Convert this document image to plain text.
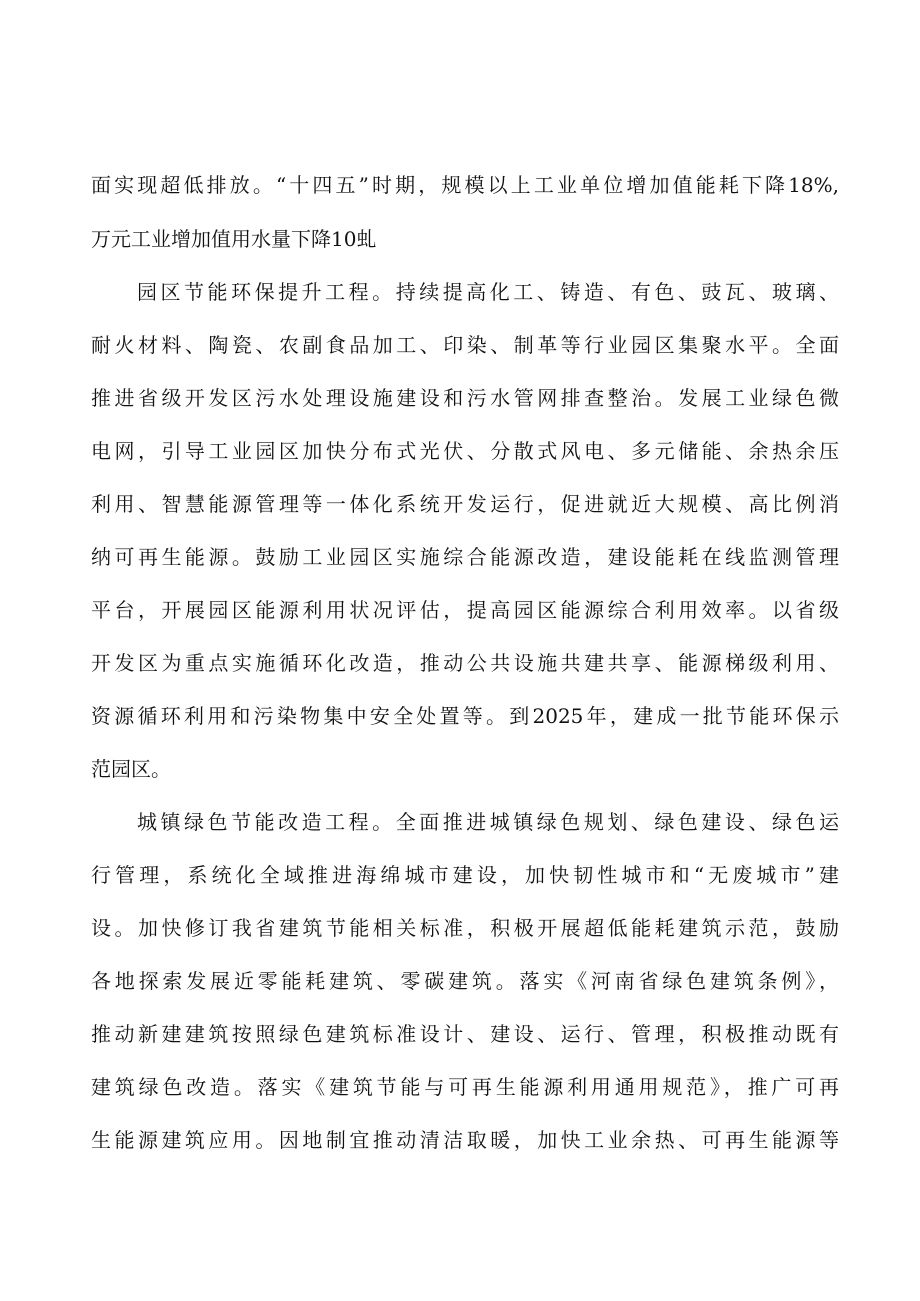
面实现超低排放。“十四五”时期，规模以上工业单位增加值能耗下降18%,
万元工业增加值用水量下降10虬
园区节能环保提升工程。持续提高化工、铸造、有色、豉瓦、玻璃、
耐火材料、陶瓷、农副食品加工、印染、制革等行业园区集聚水平。全面
推进省级开发区污水处理设施建设和污水管网排查整治。发展工业绿色微
电网，引导工业园区加快分布式光伏、分散式风电、多元储能、余热余压
利用、智慧能源管理等一体化系统开发运行，促进就近大规模、高比例消
纳可再生能源。鼓励工业园区实施综合能源改造，建设能耗在线监测管理
平台，开展园区能源利用状况评估，提高园区能源综合利用效率。以省级
开发区为重点实施循环化改造，推动公共设施共建共享、能源梯级利用、
资源循环利用和污染物集中安全处置等。到2025年，建成一批节能环保示
范园区。
城镇绿色节能改造工程。全面推进城镇绿色规划、绿色建设、绿色运
行管理，系统化全域推进海绵城市建设，加快韧性城市和“无废城市”建
设。加快修订我省建筑节能相关标准，积极开展超低能耗建筑示范，鼓励
各地探索发展近零能耗建筑、零碳建筑。落实《河南省绿色建筑条例》，
推动新建建筑按照绿色建筑标准设计、建设、运行、管理，积极推动既有
建筑绿色改造。落实《建筑节能与可再生能源利用通用规范》，推广可再
生能源建筑应用。因地制宜推动清洁取暖，加快工业余热、可再生能源等
